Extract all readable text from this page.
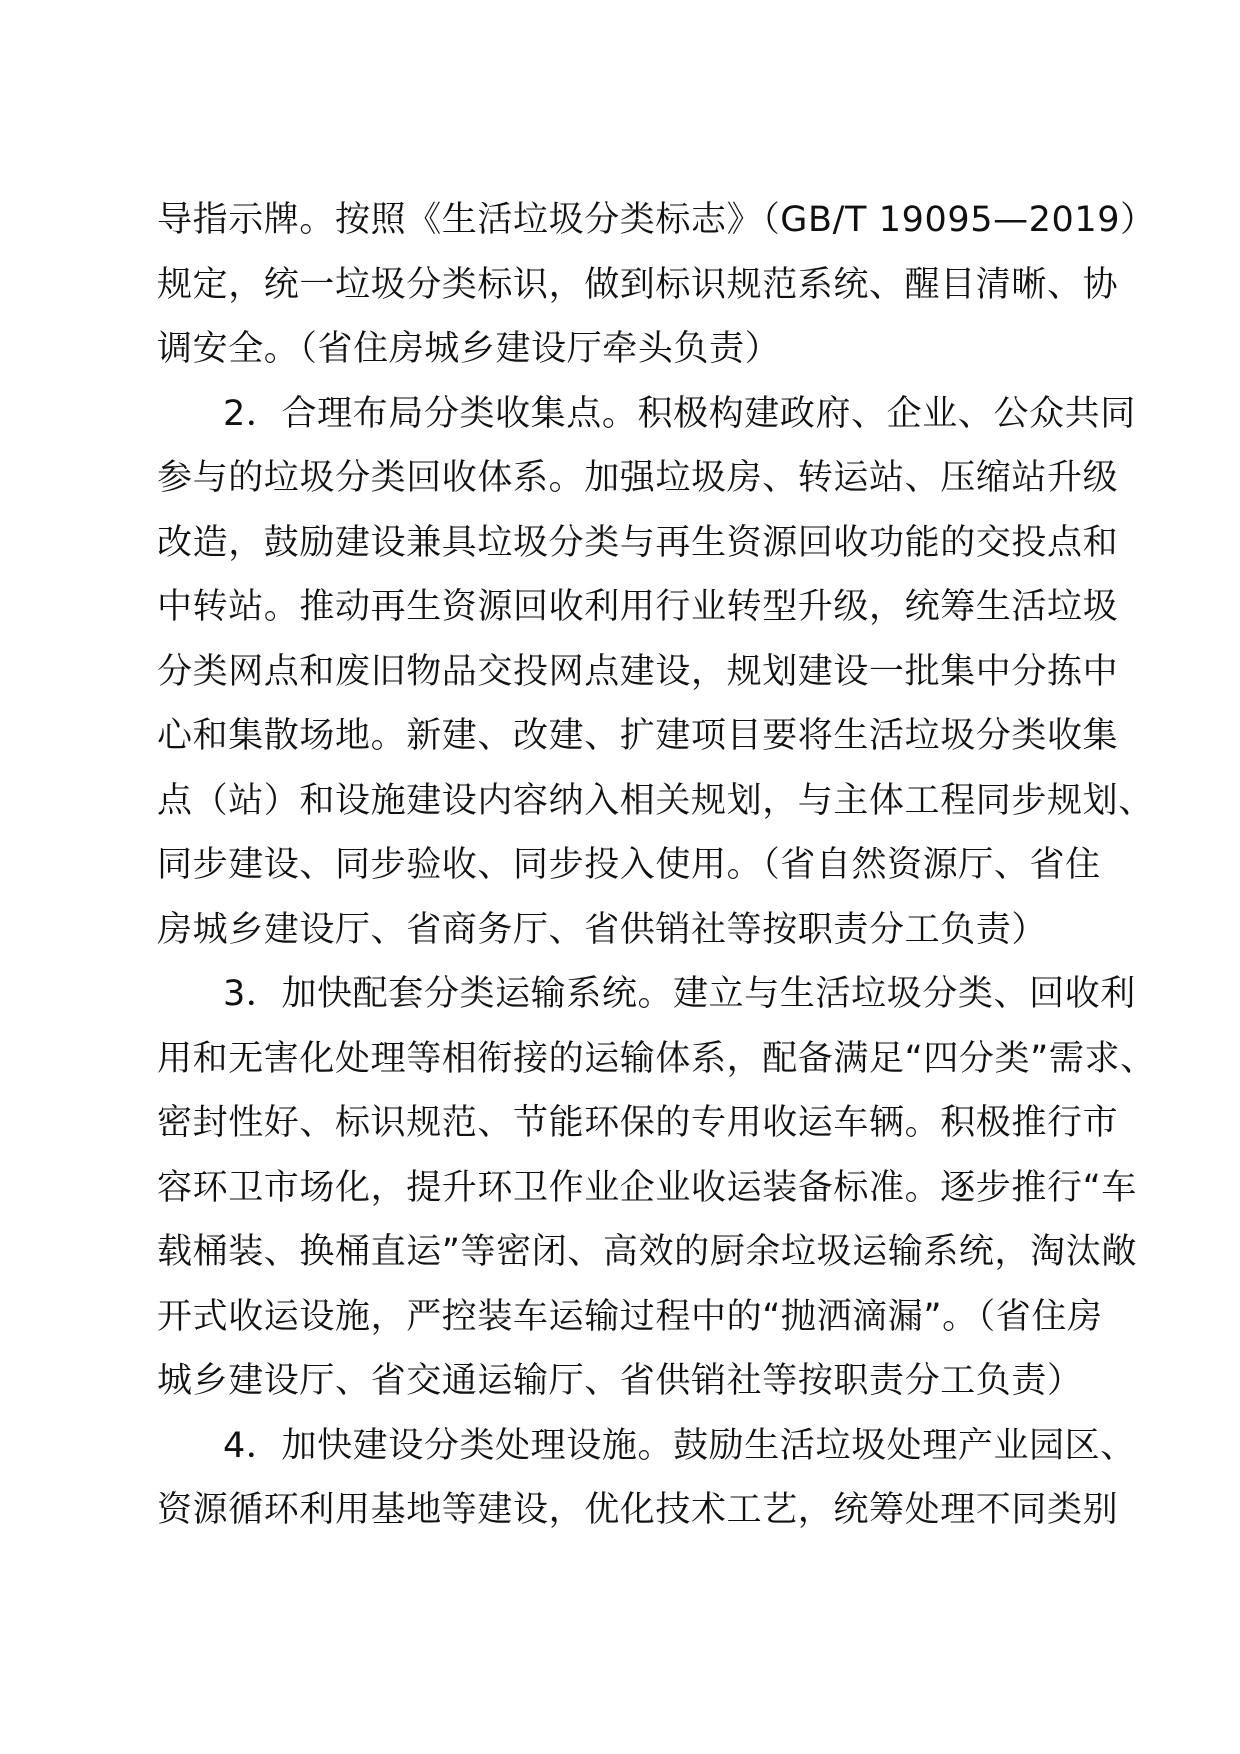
导指示牌。按照《生活垃圾分类标志》（GB/T 19095—2019）
规定，统一垃圾分类标识，做到标识规范系统、醒目清晰、协
调安全。（省住房城乡建设厅牵头负责）
2．合理布局分类收集点。积极构建政府、企业、公众共同
参与的垃圾分类回收体系。加强垃圾房、转运站、压缩站升级
改造，鼓励建设兼具垃圾分类与再生资源回收功能的交投点和
中转站。推动再生资源回收利用行业转型升级，统筹生活垃圾
分类网点和废旧物品交投网点建设，规划建设一批集中分拣中
心和集散场地。新建、改建、扩建项目要将生活垃圾分类收集
点（站）和设施建设内容纳入相关规划，与主体工程同步规划、
同步建设、同步验收、同步投入使用。（省自然资源厅、省住
房城乡建设厅、省商务厅、省供销社等按职责分工负责）
3．加快配套分类运输系统。建立与生活垃圾分类、回收利
用和无害化处理等相衔接的运输体系，配备满足“四分类”需求、
密封性好、标识规范、节能环保的专用收运车辆。积极推行市
容环卫市场化，提升环卫作业企业收运装备标准。逐步推行“车
载桶装、换桶直运”等密闭、高效的厨余垃圾运输系统，淘汰敞
开式收运设施，严控装车运输过程中的“抛洒滴漏”。（省住房
城乡建设厅、省交通运输厅、省供销社等按职责分工负责）
4．加快建设分类处理设施。鼓励生活垃圾处理产业园区、
资源循环利用基地等建设，优化技术工艺，统筹处理不同类别
